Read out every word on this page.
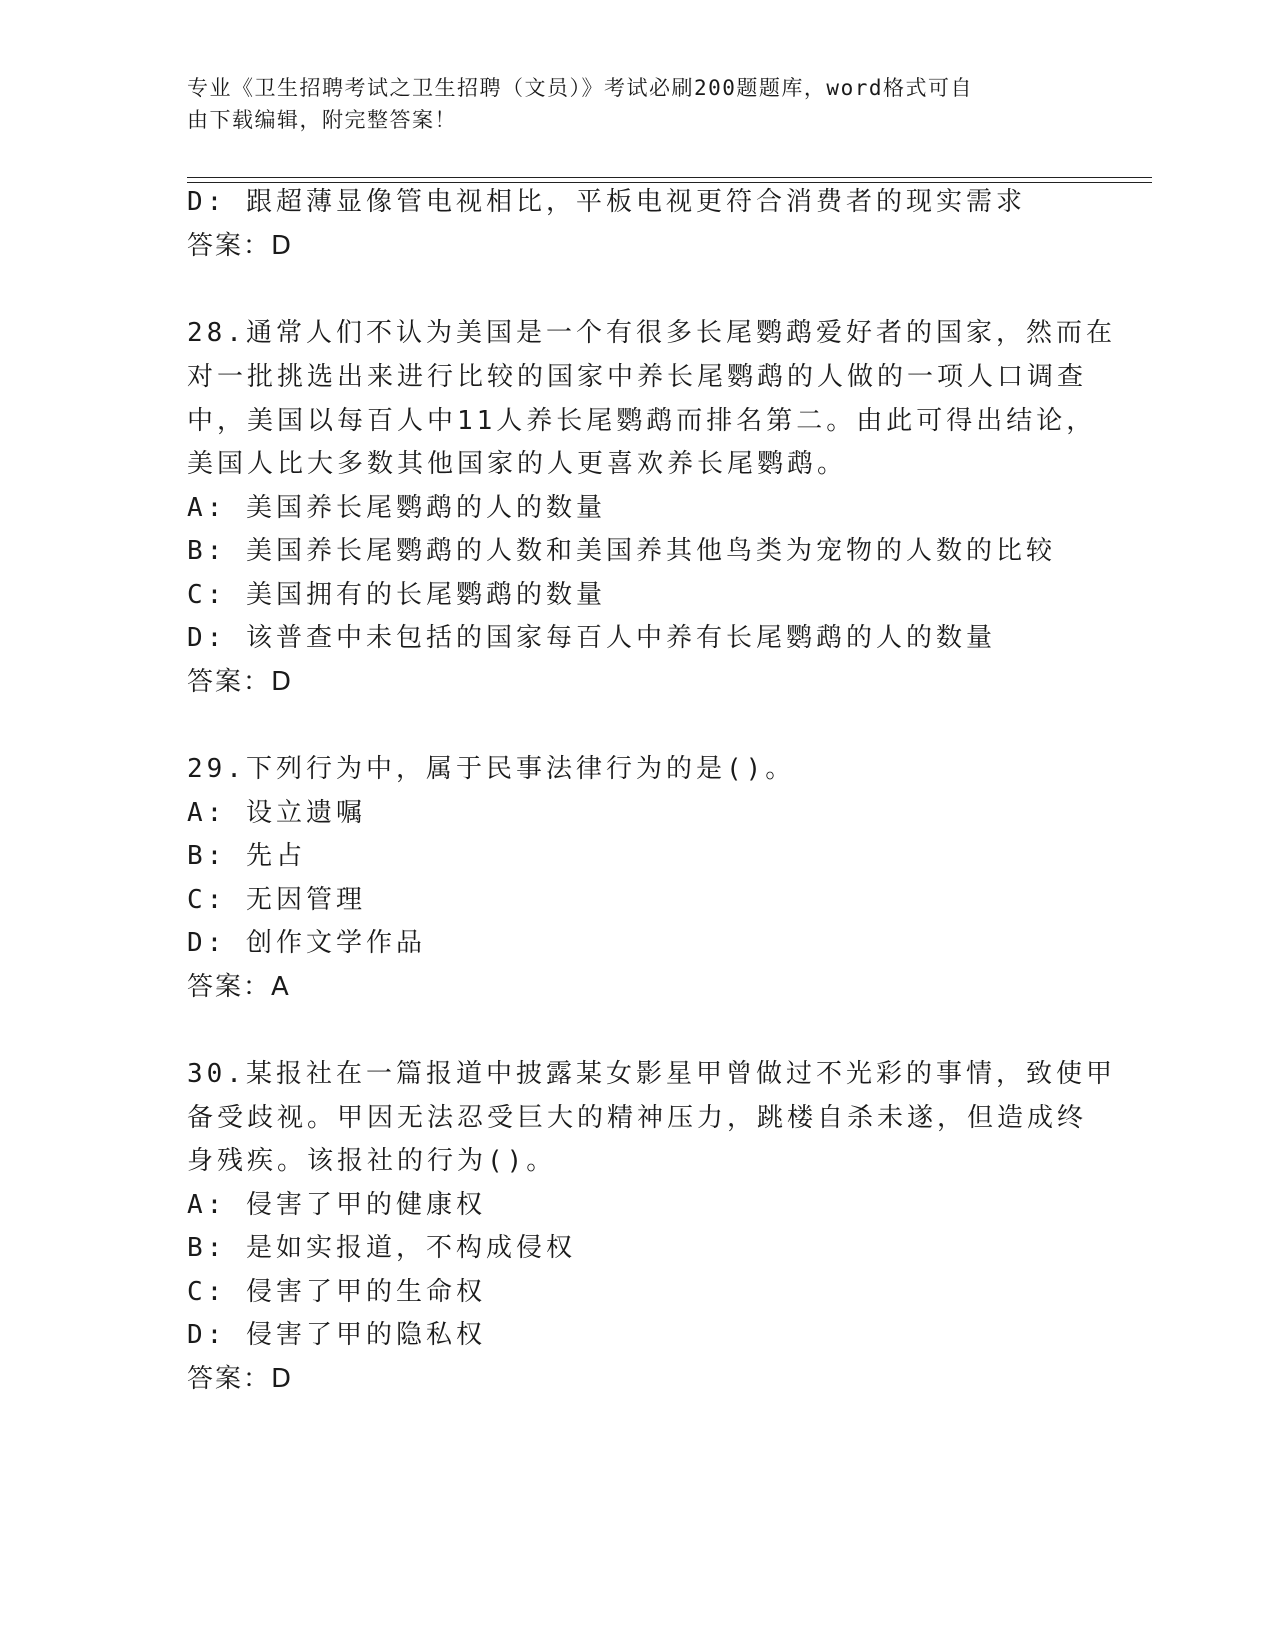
专业《卫生招聘考试之卫生招聘（文员）》考试必刷200题题库，word格式可自
由下载编辑，附完整答案！
D: 跟超薄显像管电视相比，平板电视更符合消费者的现实需求
答案：D
28.通常人们不认为美国是一个有很多长尾鹦鹉爱好者的国家，然而在
对一批挑选出来进行比较的国家中养长尾鹦鹉的人做的一项人口调查
中，美国以每百人中11人养长尾鹦鹉而排名第二。由此可得出结论，
美国人比大多数其他国家的人更喜欢养长尾鹦鹉。
A: 美国养长尾鹦鹉的人的数量
B: 美国养长尾鹦鹉的人数和美国养其他鸟类为宠物的人数的比较
C: 美国拥有的长尾鹦鹉的数量
D: 该普查中未包括的国家每百人中养有长尾鹦鹉的人的数量
答案：D
29.下列行为中，属于民事法律行为的是()。
A: 设立遗嘱
B: 先占
C: 无因管理
D: 创作文学作品
答案：A
30.某报社在一篇报道中披露某女影星甲曾做过不光彩的事情，致使甲
备受歧视。甲因无法忍受巨大的精神压力，跳楼自杀未遂，但造成终
身残疾。该报社的行为()。
A: 侵害了甲的健康权
B: 是如实报道，不构成侵权
C: 侵害了甲的生命权
D: 侵害了甲的隐私权
答案：D
